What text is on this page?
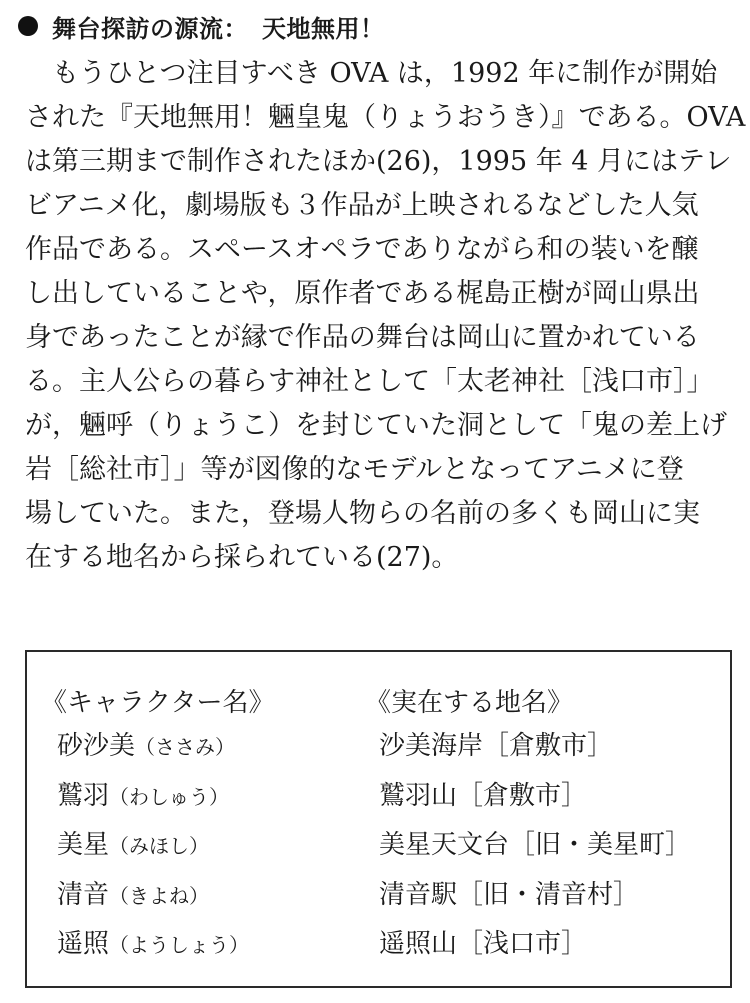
舞台探訪の源流： 天地無用！
　もうひとつ注目すべき OVA は，1992 年に制作が開始
された『天地無用！魎皇鬼（りょうおうき）』である。OVA
は第三期まで制作されたほか(26)，1995 年 4 月にはテレ
ビアニメ化，劇場版も３作品が上映されるなどした人気
作品である。スペースオペラでありながら和の装いを醸
し出していることや，原作者である梶島正樹が岡山県出
身であったことが縁で作品の舞台は岡山に置かれている
る。主人公らの暮らす神社として「太老神社［浅口市］」
が，魎呼（りょうこ）を封じていた洞として「鬼の差上げ
岩［総社市］」等が図像的なモデルとなってアニメに登
場していた。また，登場人物らの名前の多くも岡山に実
在する地名から採られている(27)。
《キャラクター名》	《実在する地名》
砂沙美（ささみ）	沙美海岸［倉敷市］
鷲羽（わしゅう）	鷲羽山［倉敷市］
美星（みほし）	美星天文台［旧・美星町］
清音（きよね）	清音駅［旧・清音村］
遥照（ようしょう）	遥照山［浅口市］
